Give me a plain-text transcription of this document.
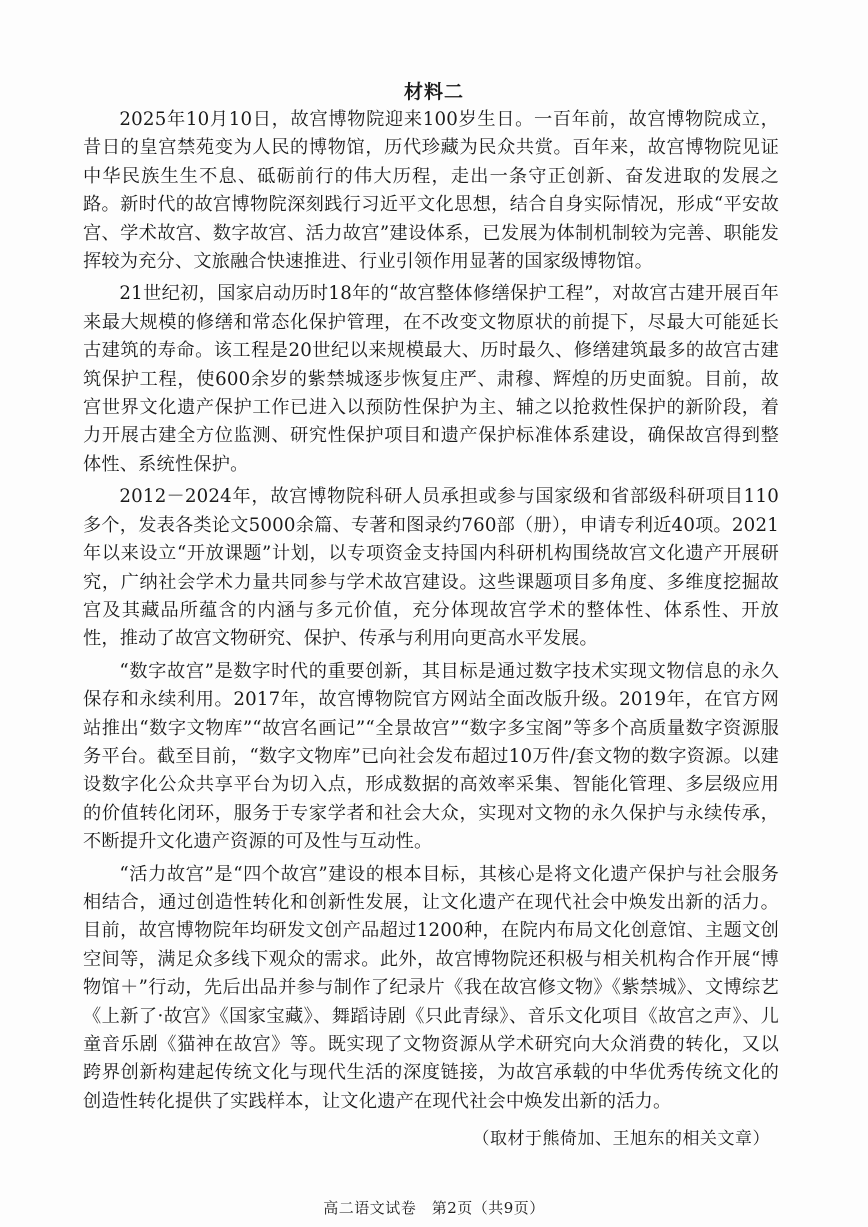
材料二

2025年10月10日，故宫博物院迎来100岁生日。一百年前，故宫博物院成立，昔日的皇宫禁苑变为人民的博物馆，历代珍藏为民众共赏。百年来，故宫博物院见证中华民族生生不息、砥砺前行的伟大历程，走出一条守正创新、奋发进取的发展之路。新时代的故宫博物院深刻践行习近平文化思想，结合自身实际情况，形成“平安故宫、学术故宫、数字故宫、活力故宫”建设体系，已发展为体制机制较为完善、职能发挥较为充分、文旅融合快速推进、行业引领作用显著的国家级博物馆。

21世纪初，国家启动历时18年的“故宫整体修缮保护工程”，对故宫古建开展百年来最大规模的修缮和常态化保护管理，在不改变文物原状的前提下，尽最大可能延长古建筑的寿命。该工程是20世纪以来规模最大、历时最久、修缮建筑最多的故宫古建筑保护工程，使600余岁的紫禁城逐步恢复庄严、肃穆、辉煌的历史面貌。目前，故宫世界文化遗产保护工作已进入以预防性保护为主、辅之以抢救性保护的新阶段，着力开展古建全方位监测、研究性保护项目和遗产保护标准体系建设，确保故宫得到整体性、系统性保护。

2012－2024年，故宫博物院科研人员承担或参与国家级和省部级科研项目110多个，发表各类论文5000余篇、专著和图录约760部（册），申请专利近40项。2021年以来设立“开放课题”计划，以专项资金支持国内科研机构围绕故宫文化遗产开展研究，广纳社会学术力量共同参与学术故宫建设。这些课题项目多角度、多维度挖掘故宫及其藏品所蕴含的内涵与多元价值，充分体现故宫学术的整体性、体系性、开放性，推动了故宫文物研究、保护、传承与利用向更高水平发展。

“数字故宫”是数字时代的重要创新，其目标是通过数字技术实现文物信息的永久保存和永续利用。2017年，故宫博物院官方网站全面改版升级。2019年，在官方网站推出“数字文物库”“故宫名画记”“全景故宫”“数字多宝阁”等多个高质量数字资源服务平台。截至目前，“数字文物库”已向社会发布超过10万件/套文物的数字资源。以建设数字化公众共享平台为切入点，形成数据的高效率采集、智能化管理、多层级应用的价值转化闭环，服务于专家学者和社会大众，实现对文物的永久保护与永续传承，不断提升文化遗产资源的可及性与互动性。

“活力故宫”是“四个故宫”建设的根本目标，其核心是将文化遗产保护与社会服务相结合，通过创造性转化和创新性发展，让文化遗产在现代社会中焕发出新的活力。目前，故宫博物院年均研发文创产品超过1200种，在院内布局文化创意馆、主题文创空间等，满足众多线下观众的需求。此外，故宫博物院还积极与相关机构合作开展“博物馆＋”行动，先后出品并参与制作了纪录片《我在故宫修文物》《紫禁城》、文博综艺《上新了·故宫》《国家宝藏》、舞蹈诗剧《只此青绿》、音乐文化项目《故宫之声》、儿童音乐剧《猫神在故宫》等。既实现了文物资源从学术研究向大众消费的转化，又以跨界创新构建起传统文化与现代生活的深度链接，为故宫承载的中华优秀传统文化的创造性转化提供了实践样本，让文化遗产在现代社会中焕发出新的活力。

（取材于熊倚加、王旭东的相关文章）
高二语文试卷　第2页（共9页）
